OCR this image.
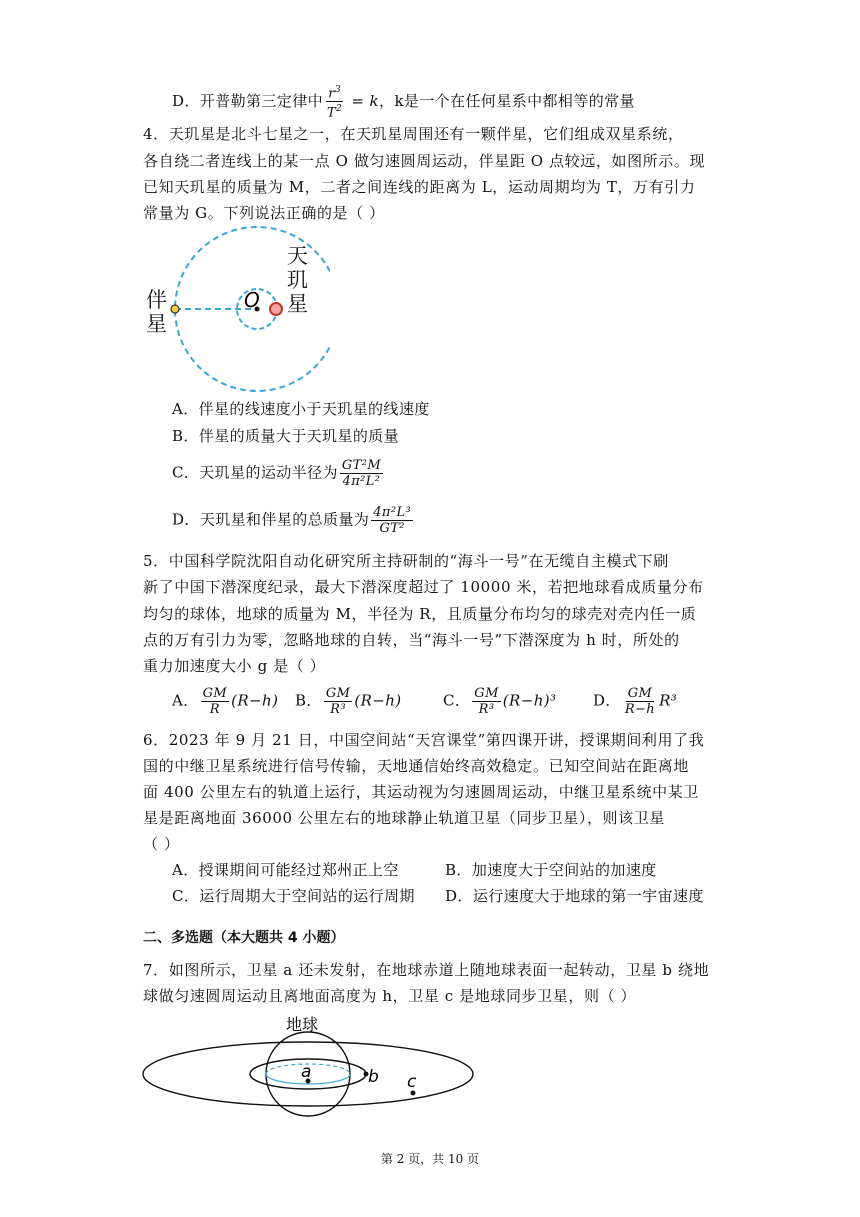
D．开普勒第三定律中 $\frac{r^3}{T^2} = k$，k是一个在任何星系中都相等的常量
4．天玑星是北斗七星之一，在天玑星周围还有一颗伴星，它们组成双星系统，
各自绕二者连线上的某一点 O 做匀速圆周运动，伴星距 O 点较远，如图所示。现
已知天玑星的质量为 M，二者之间连线的距离为 L，运动周期均为 T，万有引力
常量为 G。下列说法正确的是（ ）
O
伴星
天玑星
A．伴星的线速度小于天玑星的线速度
B．伴星的质量大于天玑星的质量
C．天玑星的运动半径为 $\frac{\text{GT²M}}{\text{4π²L²}}$
D．天玑星和伴星的总质量为 $\frac{\text{4π²L³}}{\text{GT²}}$
5．中国科学院沈阳自动化研究所主持研制的“海斗一号”在无缆自主模式下刷
新了中国下潜深度纪录，最大下潜深度超过了 10000 米，若把地球看成质量分布
均匀的球体，地球的质量为 M，半径为 R，且质量分布均匀的球壳对壳内任一质
点的万有引力为零，忽略地球的自转，当“海斗一号”下潜深度为 h 时，所处的
重力加速度大小 g 是（ ）
A． $\frac{GM}{R} (R-h)$ B． $\frac{GM}{\text{R³}} (R-h)$	C． $\frac{GM}{\text{R³}} (R-h)^3$ D． $\frac{GM}{R-h} R^3$
6．2023 年 9 月 21 日，中国空间站“天宫课堂”第四课开讲，授课期间利用了我
国的中继卫星系统进行信号传输，天地通信始终高效稳定。已知空间站在距离地
面 400 公里左右的轨道上运行，其运动视为匀速圆周运动，中继卫星系统中某卫
星是距离地面 36000 公里左右的地球静止轨道卫星（同步卫星），则该卫星
（ ）
A．授课期间可能经过郑州正上空	B．加速度大于空间站的加速度
C．运行周期大于空间站的运行周期 D．运行速度大于地球的第一宇宙速度
二、多选题（本大题共 4 小题）
7．如图所示，卫星 a 还未发射，在地球赤道上随地球表面一起转动，卫星 b 绕地
球做匀速圆周运动且离地面高度为 h，卫星 c 是地球同步卫星，则（ ）
地球
a	b c
第 2 页，共 10 页
